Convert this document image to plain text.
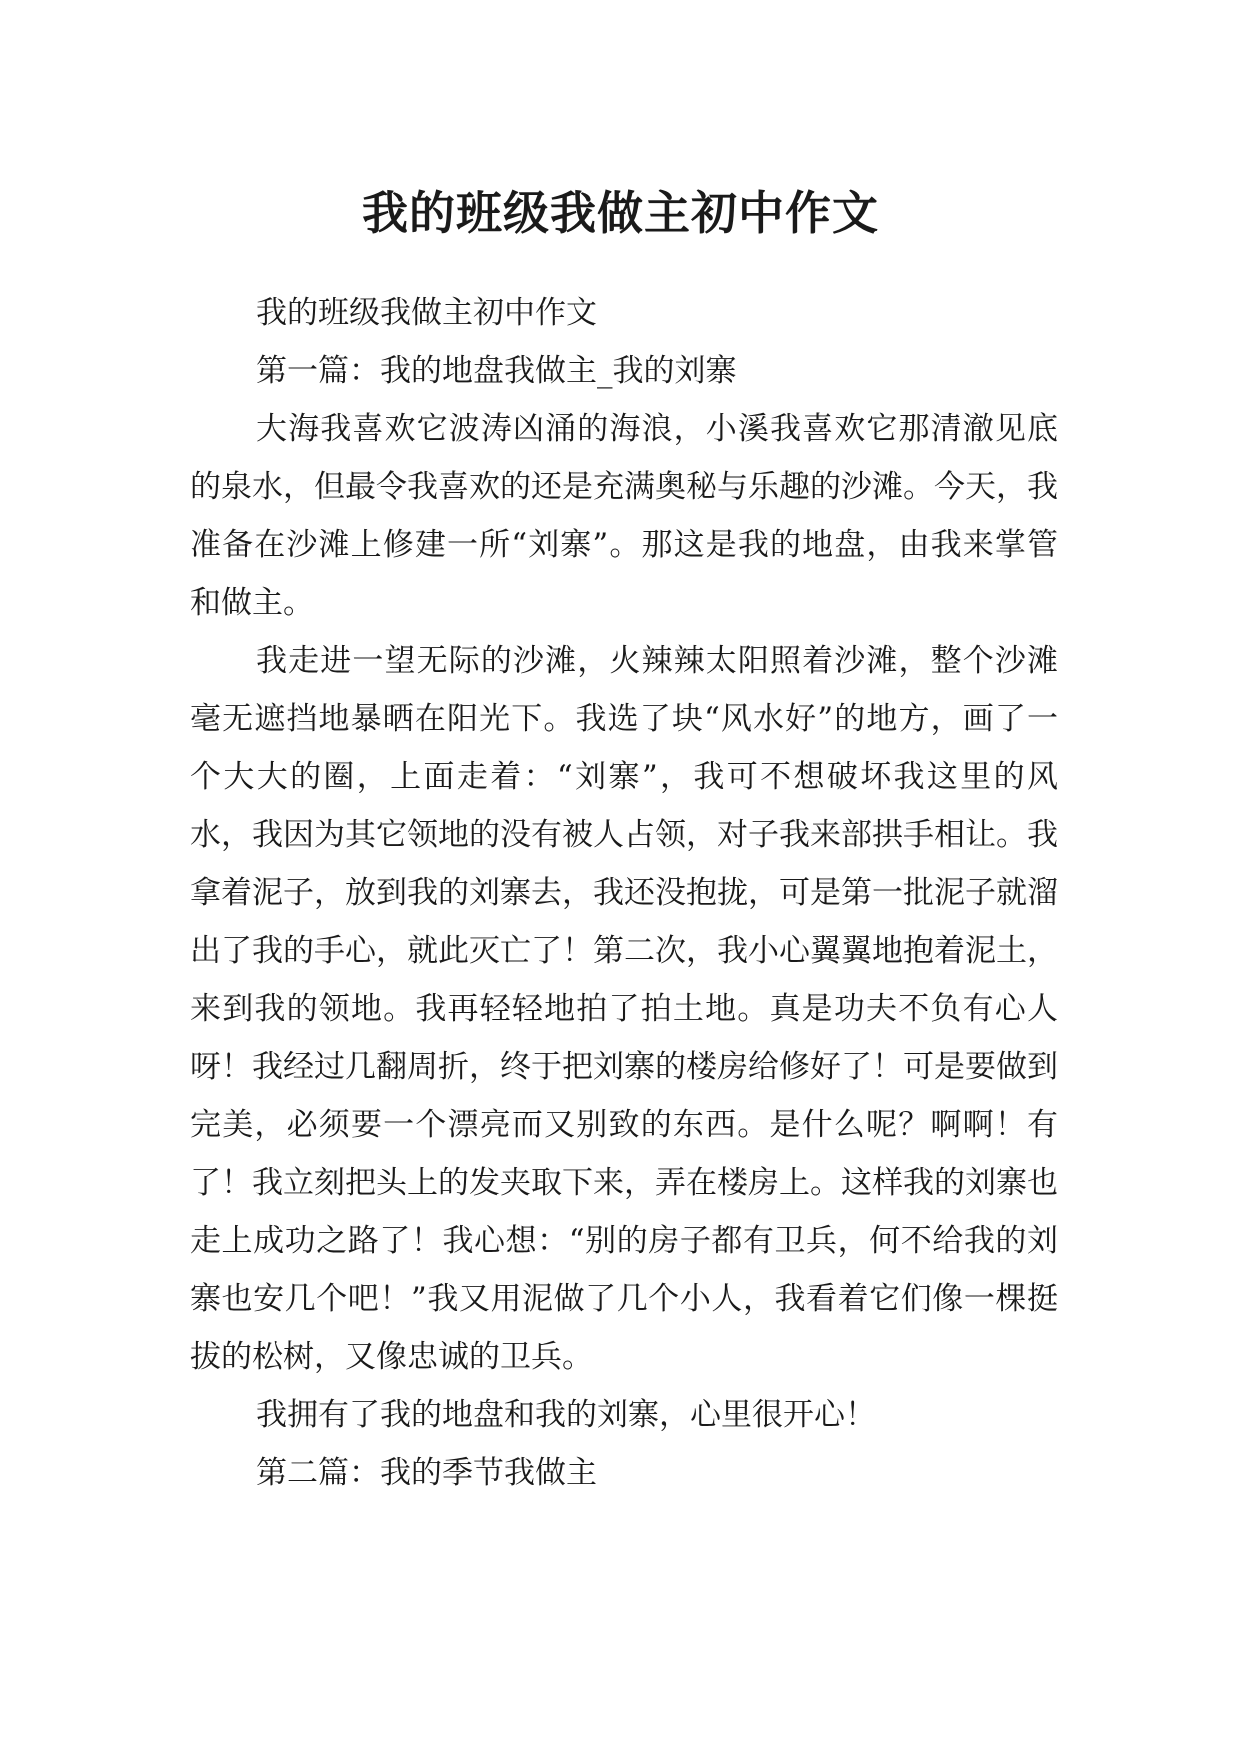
我的班级我做主初中作文

我的班级我做主初中作文

第一篇：我的地盘我做主_我的刘寨

大海我喜欢它波涛凶涌的海浪，小溪我喜欢它那清澈见底的泉水，但最令我喜欢的还是充满奥秘与乐趣的沙滩。今天，我准备在沙滩上修建一所“刘寨”。那这是我的地盘，由我来掌管和做主。

我走进一望无际的沙滩，火辣辣太阳照着沙滩，整个沙滩毫无遮挡地暴晒在阳光下。我选了块“风水好”的地方，画了一个大大的圈，上面走着：“刘寨”，我可不想破坏我这里的风水，我因为其它领地的没有被人占领，对子我来部拱手相让。我拿着泥子，放到我的刘寨去，我还没抱拢，可是第一批泥子就溜出了我的手心，就此灭亡了！第二次，我小心翼翼地抱着泥土，来到我的领地。我再轻轻地拍了拍土地。真是功夫不负有心人呀！我经过几翻周折，终于把刘寨的楼房给修好了！可是要做到完美，必须要一个漂亮而又别致的东西。是什么呢？啊啊！有了！我立刻把头上的发夹取下来，弄在楼房上。这样我的刘寨也走上成功之路了！我心想：“别的房子都有卫兵，何不给我的刘寨也安几个吧！”我又用泥做了几个小人，我看着它们像一棵挺拔的松树，又像忠诚的卫兵。

我拥有了我的地盘和我的刘寨，心里很开心！

第二篇：我的季节我做主
